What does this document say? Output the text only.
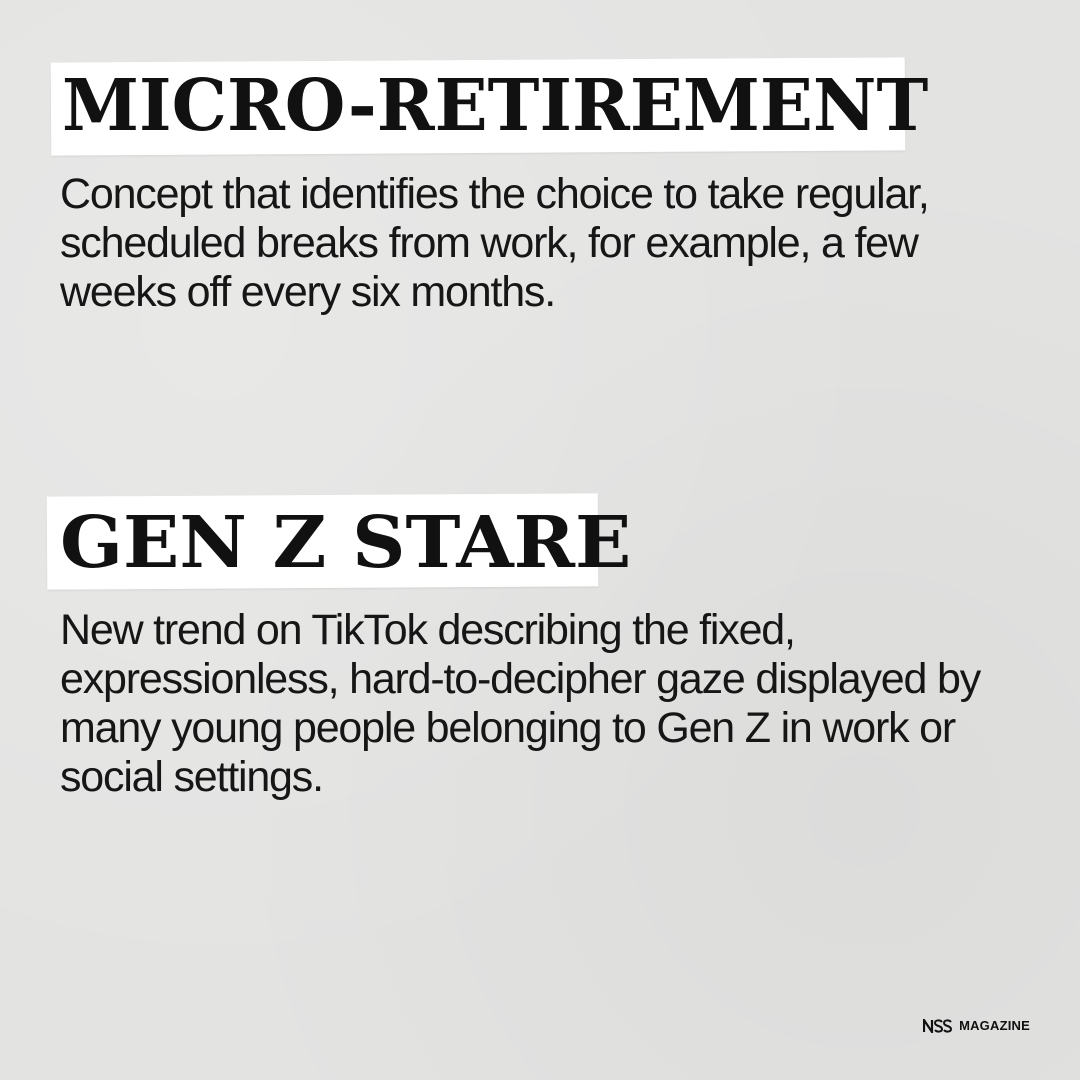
MICRO-RETIREMENT
Concept that identifies the choice to take regular, scheduled breaks from work, for example, a few weeks off every six months.
GEN Z STARE
New trend on TikTok describing the fixed, expressionless, hard-to-decipher gaze displayed by many young people belonging to Gen Z in work or social settings.
MAGAZINE
